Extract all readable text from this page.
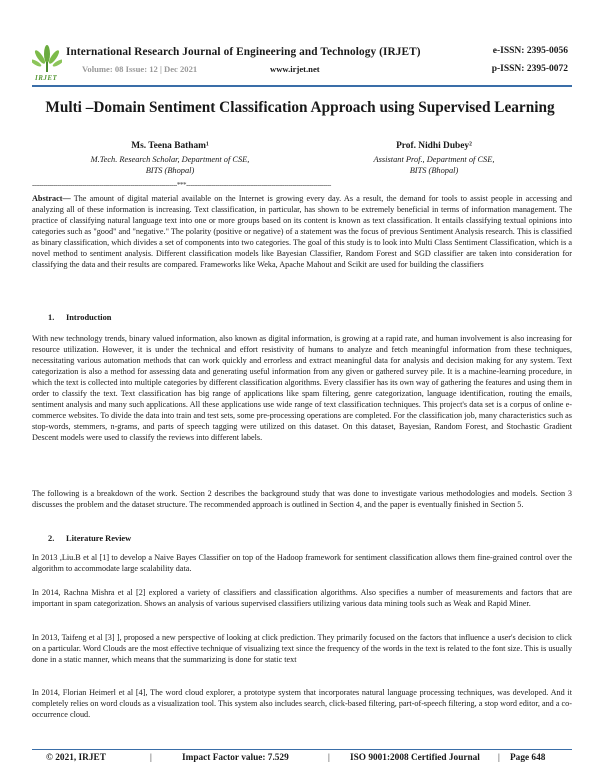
IRJET
International Research Journal of Engineering and Technology (IRJET)	e-ISSN: 2395-0056
Volume: 08 Issue: 12 | Dec 2021	www.irjet.net	p-ISSN: 2395-0072
Multi –Domain Sentiment Classification Approach using Supervised Learning
Ms. Teena Batham¹
M.Tech. Research Scholar, Department of CSE,
BITS (Bhopal)
Prof. Nidhi Dubey²
Assistant Prof., Department of CSE,
BITS (Bhopal)
---------------------------------------------------------------------------***---------------------------------------------------------------------------
Abstract— The amount of digital material available on the Internet is growing every day. As a result, the demand for tools to assist people in accessing and analyzing all of these information is increasing. Text classification, in particular, has shown to be extremely beneficial in terms of information management. The practice of classifying natural language text into one or more groups based on its content is known as text classification. It entails classifying textual opinions into categories such as "good" and "negative." The polarity (positive or negative) of a statement was the focus of previous Sentiment Analysis research. This is classified as binary classification, which divides a set of components into two categories. The goal of this study is to look into Multi Class Sentiment Classification, which is a novel method to sentiment analysis. Different classification models like Bayesian Classifier, Random Forest and SGD classifier are taken into consideration for classifying the data and their results are compared. Frameworks like Weka, Apache Mahout and Scikit are used for building the classifiers
1. Introduction
With new technology trends, binary valued information, also known as digital information, is growing at a rapid rate, and human involvement is also increasing for resource utilization. However, it is under the technical and effort resistivity of humans to analyze and fetch meaningful information from these techniques, necessitating various automation methods that can work quickly and errorless and extract meaningful data for analysis and decision making for any system. Text categorization is also a method for assessing data and generating useful information from any given or gathered survey pile. It is a machine-learning procedure, in which the text is collected into multiple categories by different classification algorithms. Every classifier has its own way of gathering the features and using them in order to classify the text. Text classification has big range of applications like spam filtering, genre categorization, language identification, routing the emails, sentiment analysis and many such applications. All these applications use wide range of text classification techniques. This project's data set is a corpus of online e-commerce websites. To divide the data into train and test sets, some pre-processing operations are completed. For the classification job, many characteristics such as stop-words, stemmers, n-grams, and parts of speech tagging were utilized on this dataset. On this dataset, Bayesian, Random Forest, and Stochastic Gradient Descent models were used to classify the reviews into different labels.
The following is a breakdown of the work. Section 2 describes the background study that was done to investigate various methodologies and models. Section 3 discusses the problem and the dataset structure. The recommended approach is outlined in Section 4, and the paper is eventually finished in Section 5.
2. Literature Review
In 2013 ,Liu.B et al [1] to develop a Naive Bayes Classifier on top of the Hadoop framework for sentiment classification allows them fine-grained control over the algorithm to accommodate large scalability data.
In 2014, Rachna Mishra et al [2] explored a variety of classifiers and classification algorithms. Also specifies a number of measurements and factors that are important in spam categorization. Shows an analysis of various supervised classifiers utilizing various data mining tools such as Weak and Rapid Miner.
In 2013, Taifeng et al [3] ], proposed a new perspective of looking at click prediction. They primarily focused on the factors that influence a user's decision to click on a particular. Word Clouds are the most effective technique of visualizing text since the frequency of the words in the text is related to the font size. This is usually done in a static manner, which means that the summarizing is done for static text
In 2014, Florian Heimerl et al [4], The word cloud explorer, a prototype system that incorporates natural language processing techniques, was developed. And it completely relies on word clouds as a visualization tool. This system also includes search, click-based filtering, part-of-speech filtering, a stop word editor, and a co-occurrence cloud.
© 2021, IRJET	|	Impact Factor value: 7.529	| ISO 9001:2008 Certified Journal | Page 648
